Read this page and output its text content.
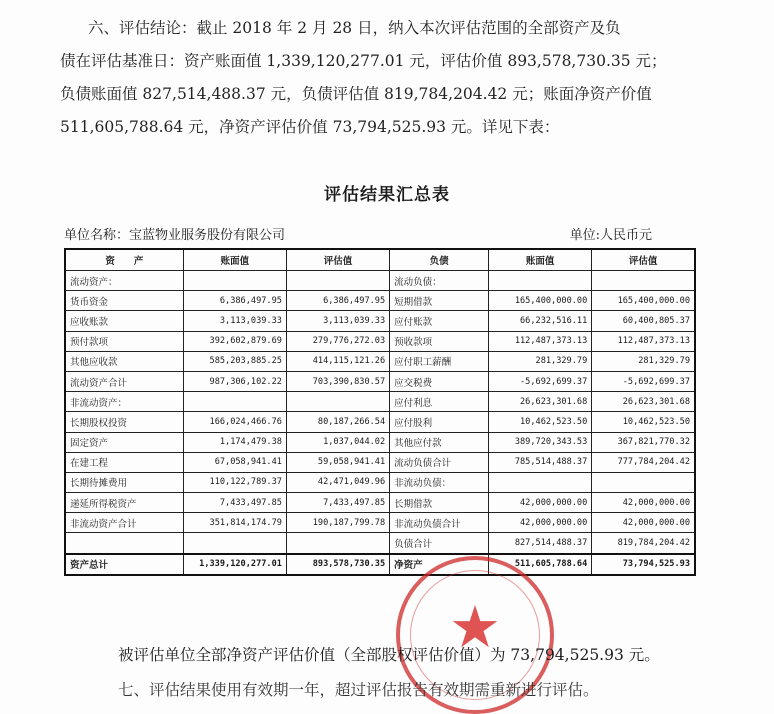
六、评估结论：截止 2018 年 2 月 28 日，纳入本次评估范围的全部资产及负

债在评估基准日：资产账面值 1,339,120,277.01 元，评估价值 893,578,730.35 元；

负债账面值 827,514,488.37 元，负债评估值 819,784,204.42 元；账面净资产价值

511,605,788.64 元，净资产评估价值 73,794,525.93 元。详见下表：

评估结果汇总表
单位名称：宝蓝物业服务股份有限公司	单位:人民币元
资　　产	账面值	评估值	负债	账面值	评估值
流动资产：			流动负债：		
货币资金	6,386,497.95	6,386,497.95	短期借款	165,400,000.00	165,400,000.00
应收账款	3,113,039.33	3,113,039.33	应付账款	66,232,516.11	60,400,805.37
预付款项	392,602,879.69	279,776,272.03	预收款项	112,487,373.13	112,487,373.13
其他应收款	585,203,885.25	414,115,121.26	应付职工薪酬	281,329.79	281,329.79
流动资产合计	987,306,102.22	703,390,830.57	应交税费	-5,692,699.37	-5,692,699.37
非流动资产：			应付利息	26,623,301.68	26,623,301.68
长期股权投资	166,024,466.76	80,187,266.54	应付股利	10,462,523.50	10,462,523.50
固定资产	1,174,479.38	1,037,044.02	其他应付款	389,720,343.53	367,821,770.32
在建工程	67,058,941.41	59,058,941.41	流动负债合计	785,514,488.37	777,784,204.42
长期待摊费用	110,122,789.37	42,471,049.96	非流动负债：		
递延所得税资产	7,433,497.85	7,433,497.85	长期借款	42,000,000.00	42,000,000.00
非流动资产合计	351,814,174.79	190,187,799.78	非流动负债合计	42,000,000.00	42,000,000.00
			负债合计	827,514,488.37	819,784,204.42
资产总计	1,339,120,277.01	893,578,730.35	净资产	511,605,788.64	73,794,525.93
★
被评估单位全部净资产评估价值（全部股权评估价值）为 73,794,525.93 元。
七、评估结果使用有效期一年，超过评估报告有效期需重新进行评估。
